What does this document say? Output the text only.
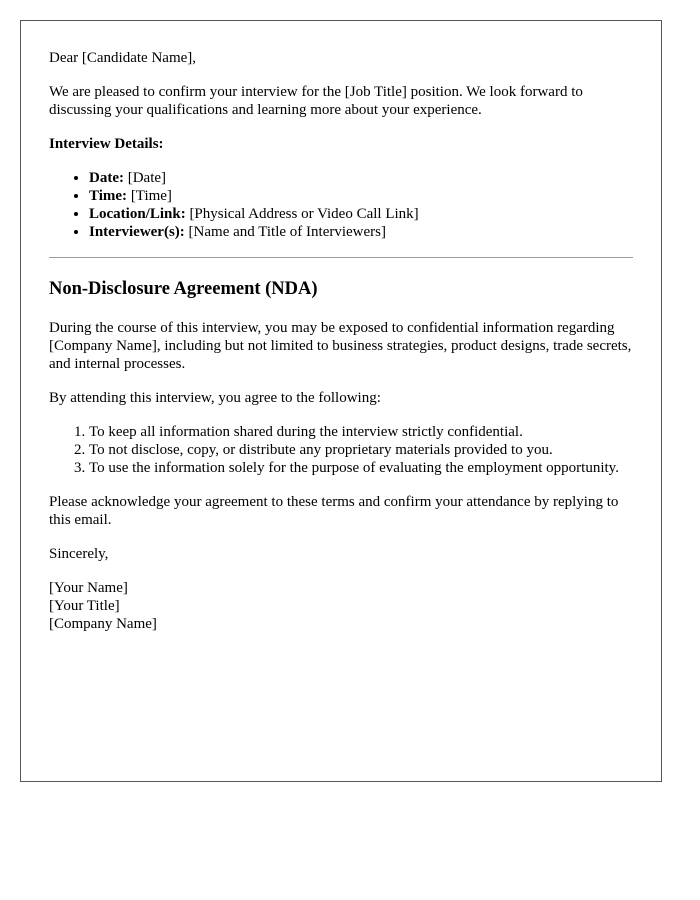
Dear [Candidate Name],

We are pleased to confirm your interview for the [Job Title] position. We look forward to discussing your qualifications and learning more about your experience.

Interview Details:

• Date: [Date]
• Time: [Time]
• Location/Link: [Physical Address or Video Call Link]
• Interviewer(s): [Name and Title of Interviewers]
Non-Disclosure Agreement (NDA)

During the course of this interview, you may be exposed to confidential information regarding [Company Name], including but not limited to business strategies, product designs, trade secrets, and internal processes.

By attending this interview, you agree to the following:

1. To keep all information shared during the interview strictly confidential.
2. To not disclose, copy, or distribute any proprietary materials provided to you.
3. To use the information solely for the purpose of evaluating the employment opportunity.

Please acknowledge your agreement to these terms and confirm your attendance by replying to this email.

Sincerely,

[Your Name]
[Your Title]
[Company Name]
